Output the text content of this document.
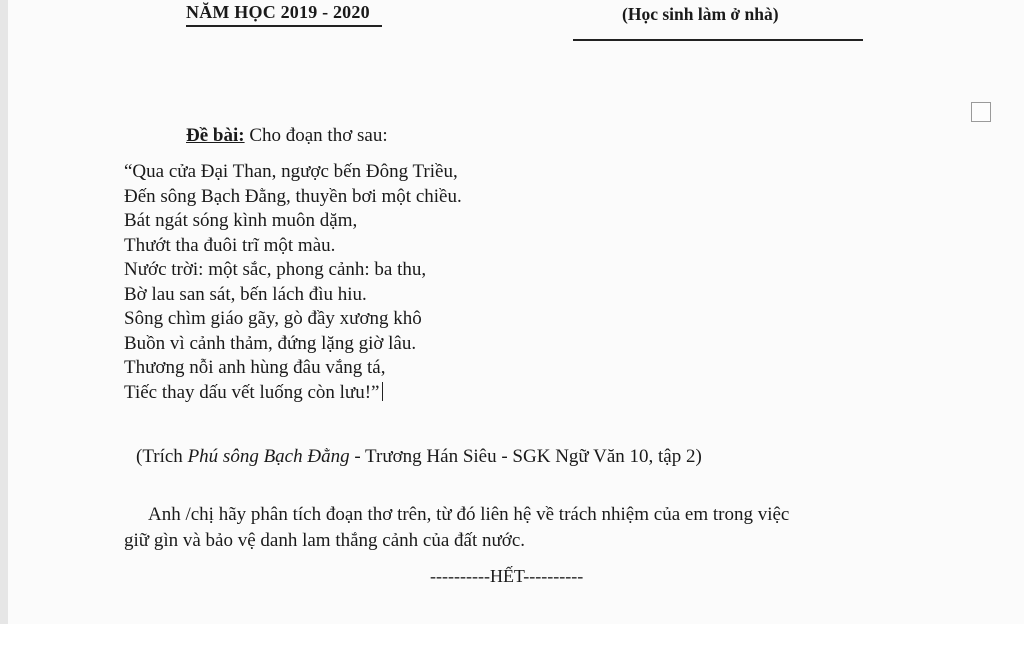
NĂM HỌC 2019 - 2020	(Học sinh làm ở nhà)
Đề bài: Cho đoạn thơ sau:
“Qua cửa Đại Than, ngược bến Đông Triều,
Đến sông Bạch Đằng, thuyền bơi một chiều.
Bát ngát sóng kình muôn dặm,
Thướt tha đuôi trĩ một màu.
Nước trời: một sắc, phong cảnh: ba thu,
Bờ lau san sát, bến lách đìu hiu.
Sông chìm giáo gãy, gò đầy xương khô
Buồn vì cảnh thảm, đứng lặng giờ lâu.
Thương nỗi anh hùng đâu vắng tá,
Tiếc thay dấu vết luống còn lưu!”
(Trích Phú sông Bạch Đằng - Trương Hán Siêu - SGK Ngữ Văn 10, tập 2)
Anh /chị hãy phân tích đoạn thơ trên, từ đó liên hệ về trách nhiệm của em trong việc
giữ gìn và bảo vệ danh lam thắng cảnh của đất nước.
----------HẾT----------
